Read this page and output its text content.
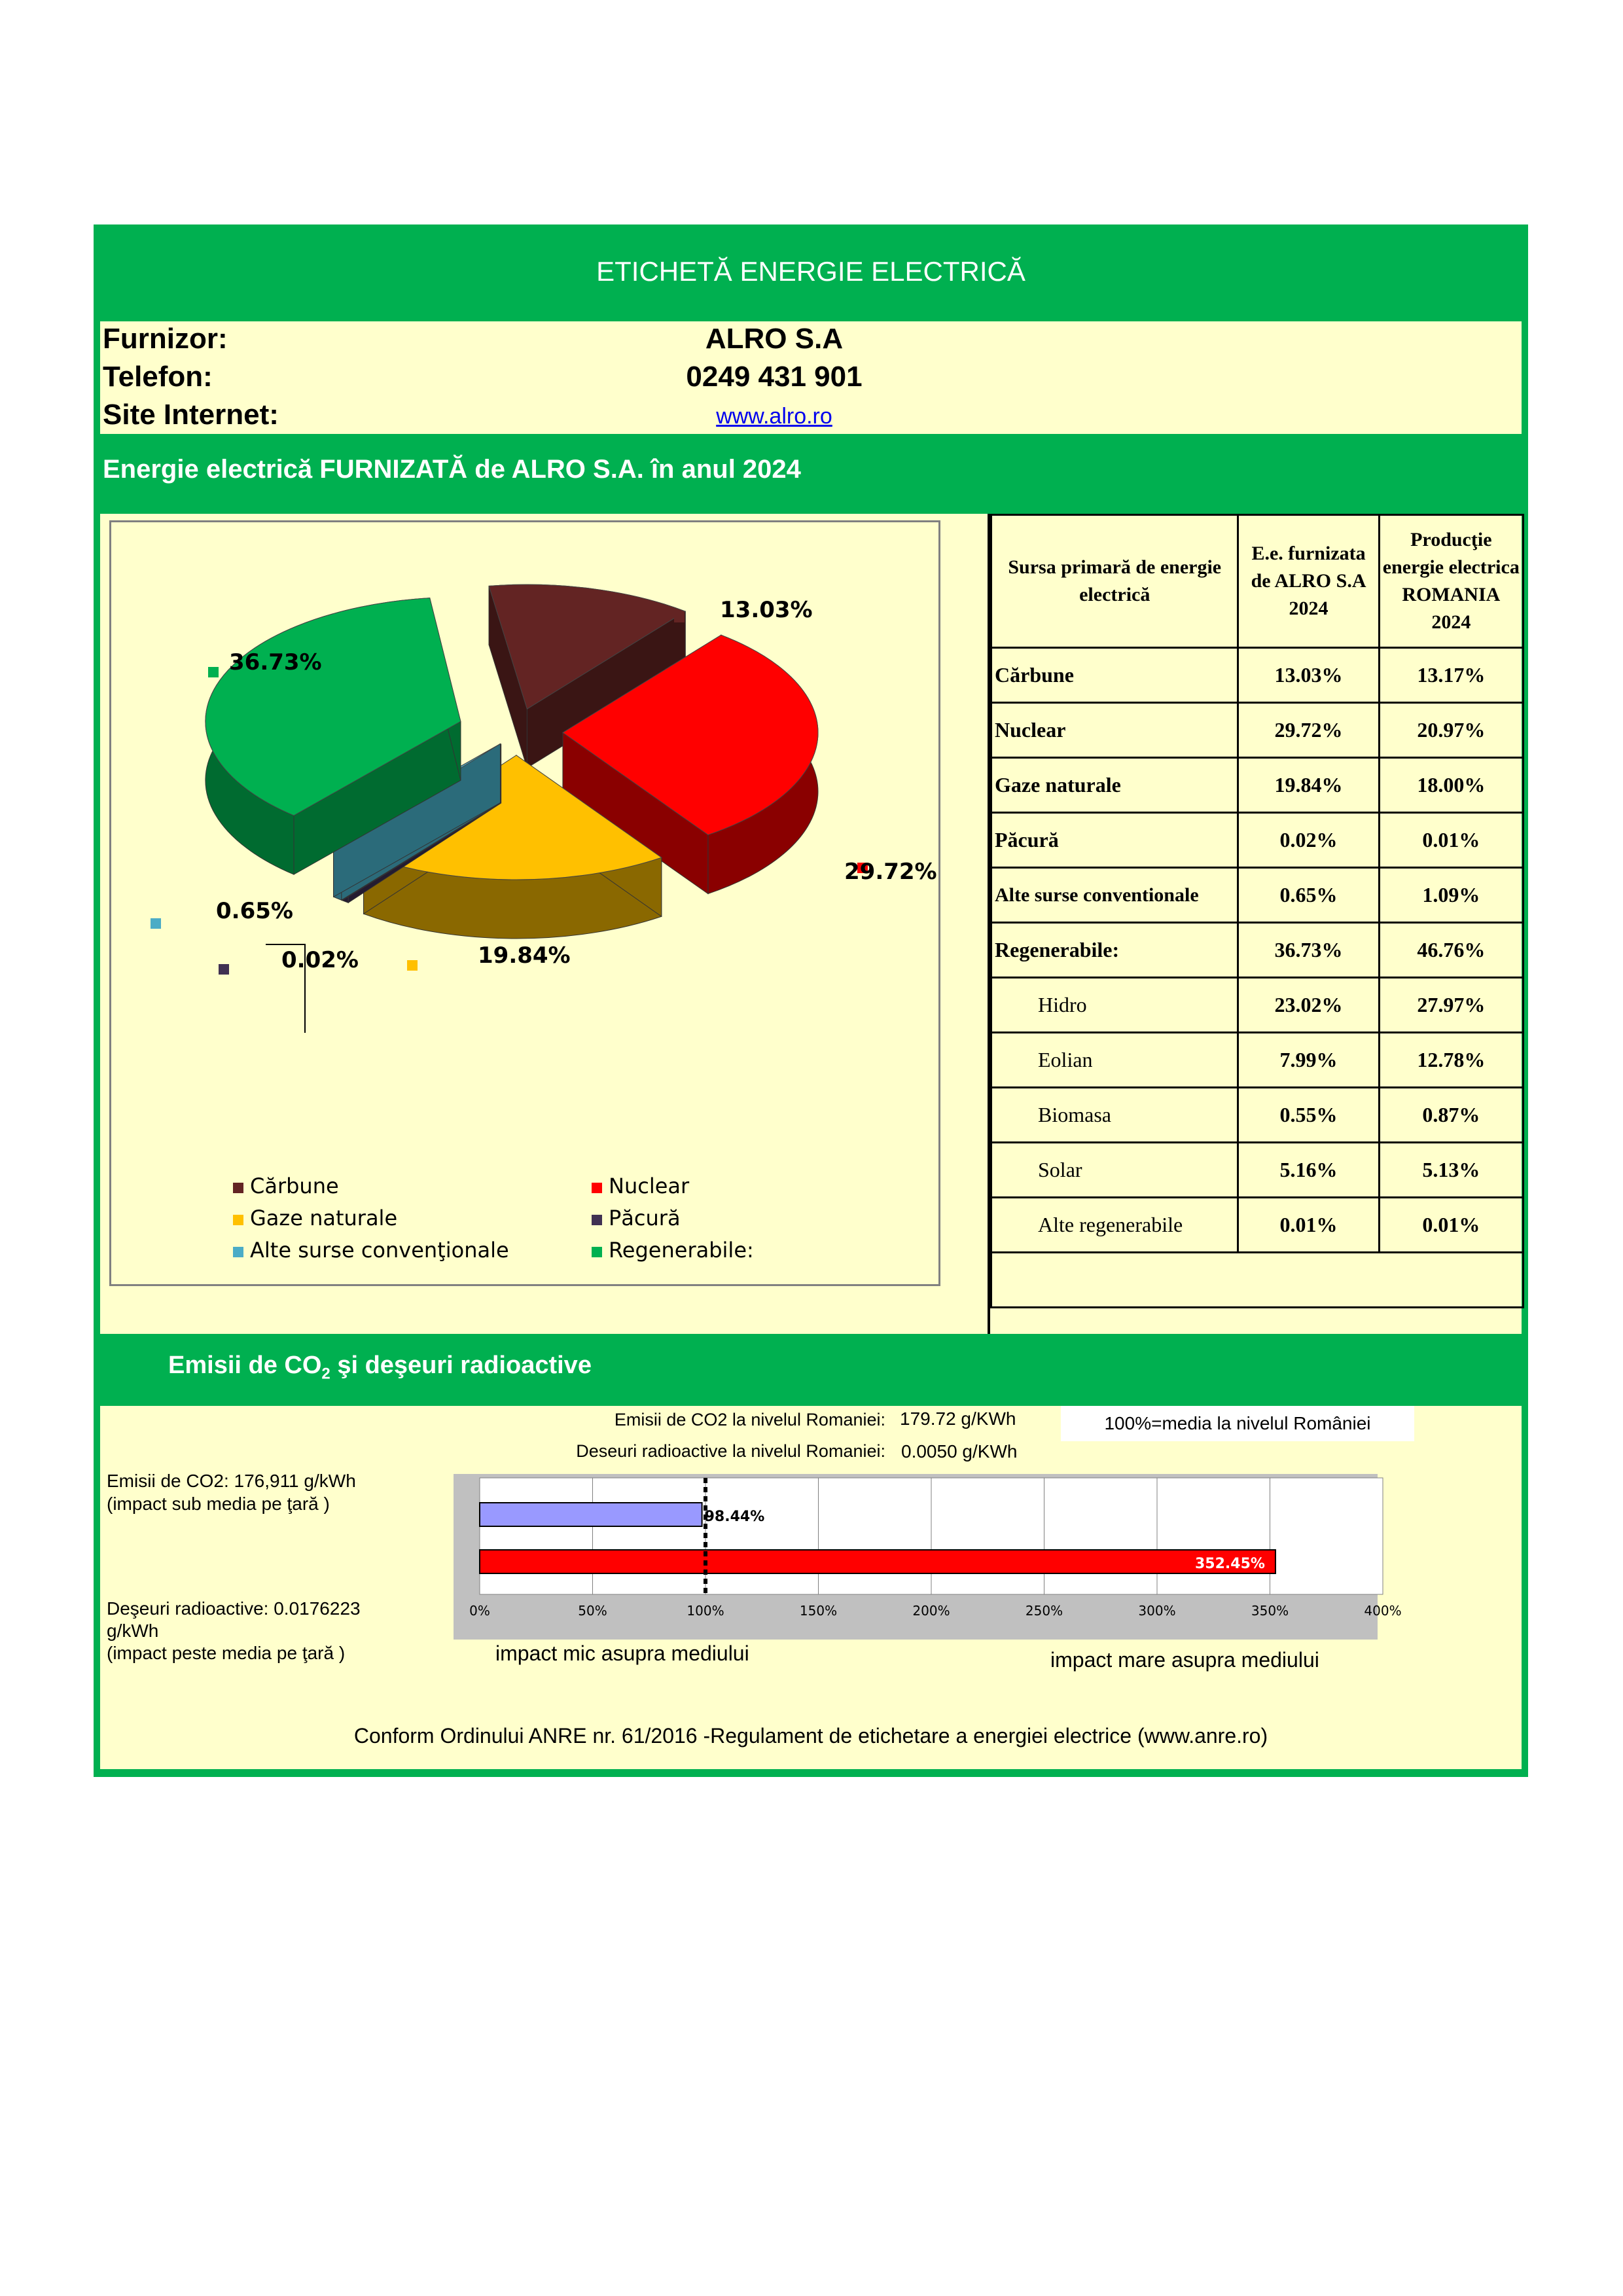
ETICHETĂ ENERGIE ELECTRICĂ
Furnizor:	ALRO S.A
Telefon:	0249 431 901
Site Internet:	www.alro.ro
Energie electrică FURNIZATĂ de ALRO S.A. în anul 2024
13.03%
29.72%
19.84%
0.02%
0.65%
36.73%
Cărbune	Nuclear
Gaze naturale	Păcură
Alte surse convenţionale	Regenerabile:
Sursa primară de energie electrică	E.e. furnizata de ALRO S.A 2024	Producţie energie electrica ROMANIA 2024
Cărbune	13.03%	13.17%
Nuclear	29.72%	20.97%
Gaze naturale	19.84%	18.00%
Păcură	0.02%	0.01%
Alte surse conventionale	0.65%	1.09%
Regenerabile:	36.73%	46.76%
Hidro	23.02%	27.97%
Eolian	7.99%	12.78%
Biomasa	0.55%	0.87%
Solar	5.16%	5.13%
Alte regenerabile	0.01%	0.01%

Emisii de $CO_2$ şi deşeuri radioactive
Emisii de CO2 la nivelul Romaniei: 179.72 g/KWh
Deseuri radioactive la nivelul Romaniei: 0.0050 g/KWh
100%=media la nivelul României
Emisii de CO2: 176,911 g/kWh
(impact sub media pe ţară )
Deşeuri radioactive: 0.0176223
g/kWh
(impact peste media pe ţară )
0%	50%	100%	150%	200%	250%	300%	350%	400%
98.44%
352.45%
impact mic asupra mediului	impact mare asupra mediului
Conform Ordinului ANRE nr. 61/2016 -Regulament de etichetare a energiei electrice (www.anre.ro)
